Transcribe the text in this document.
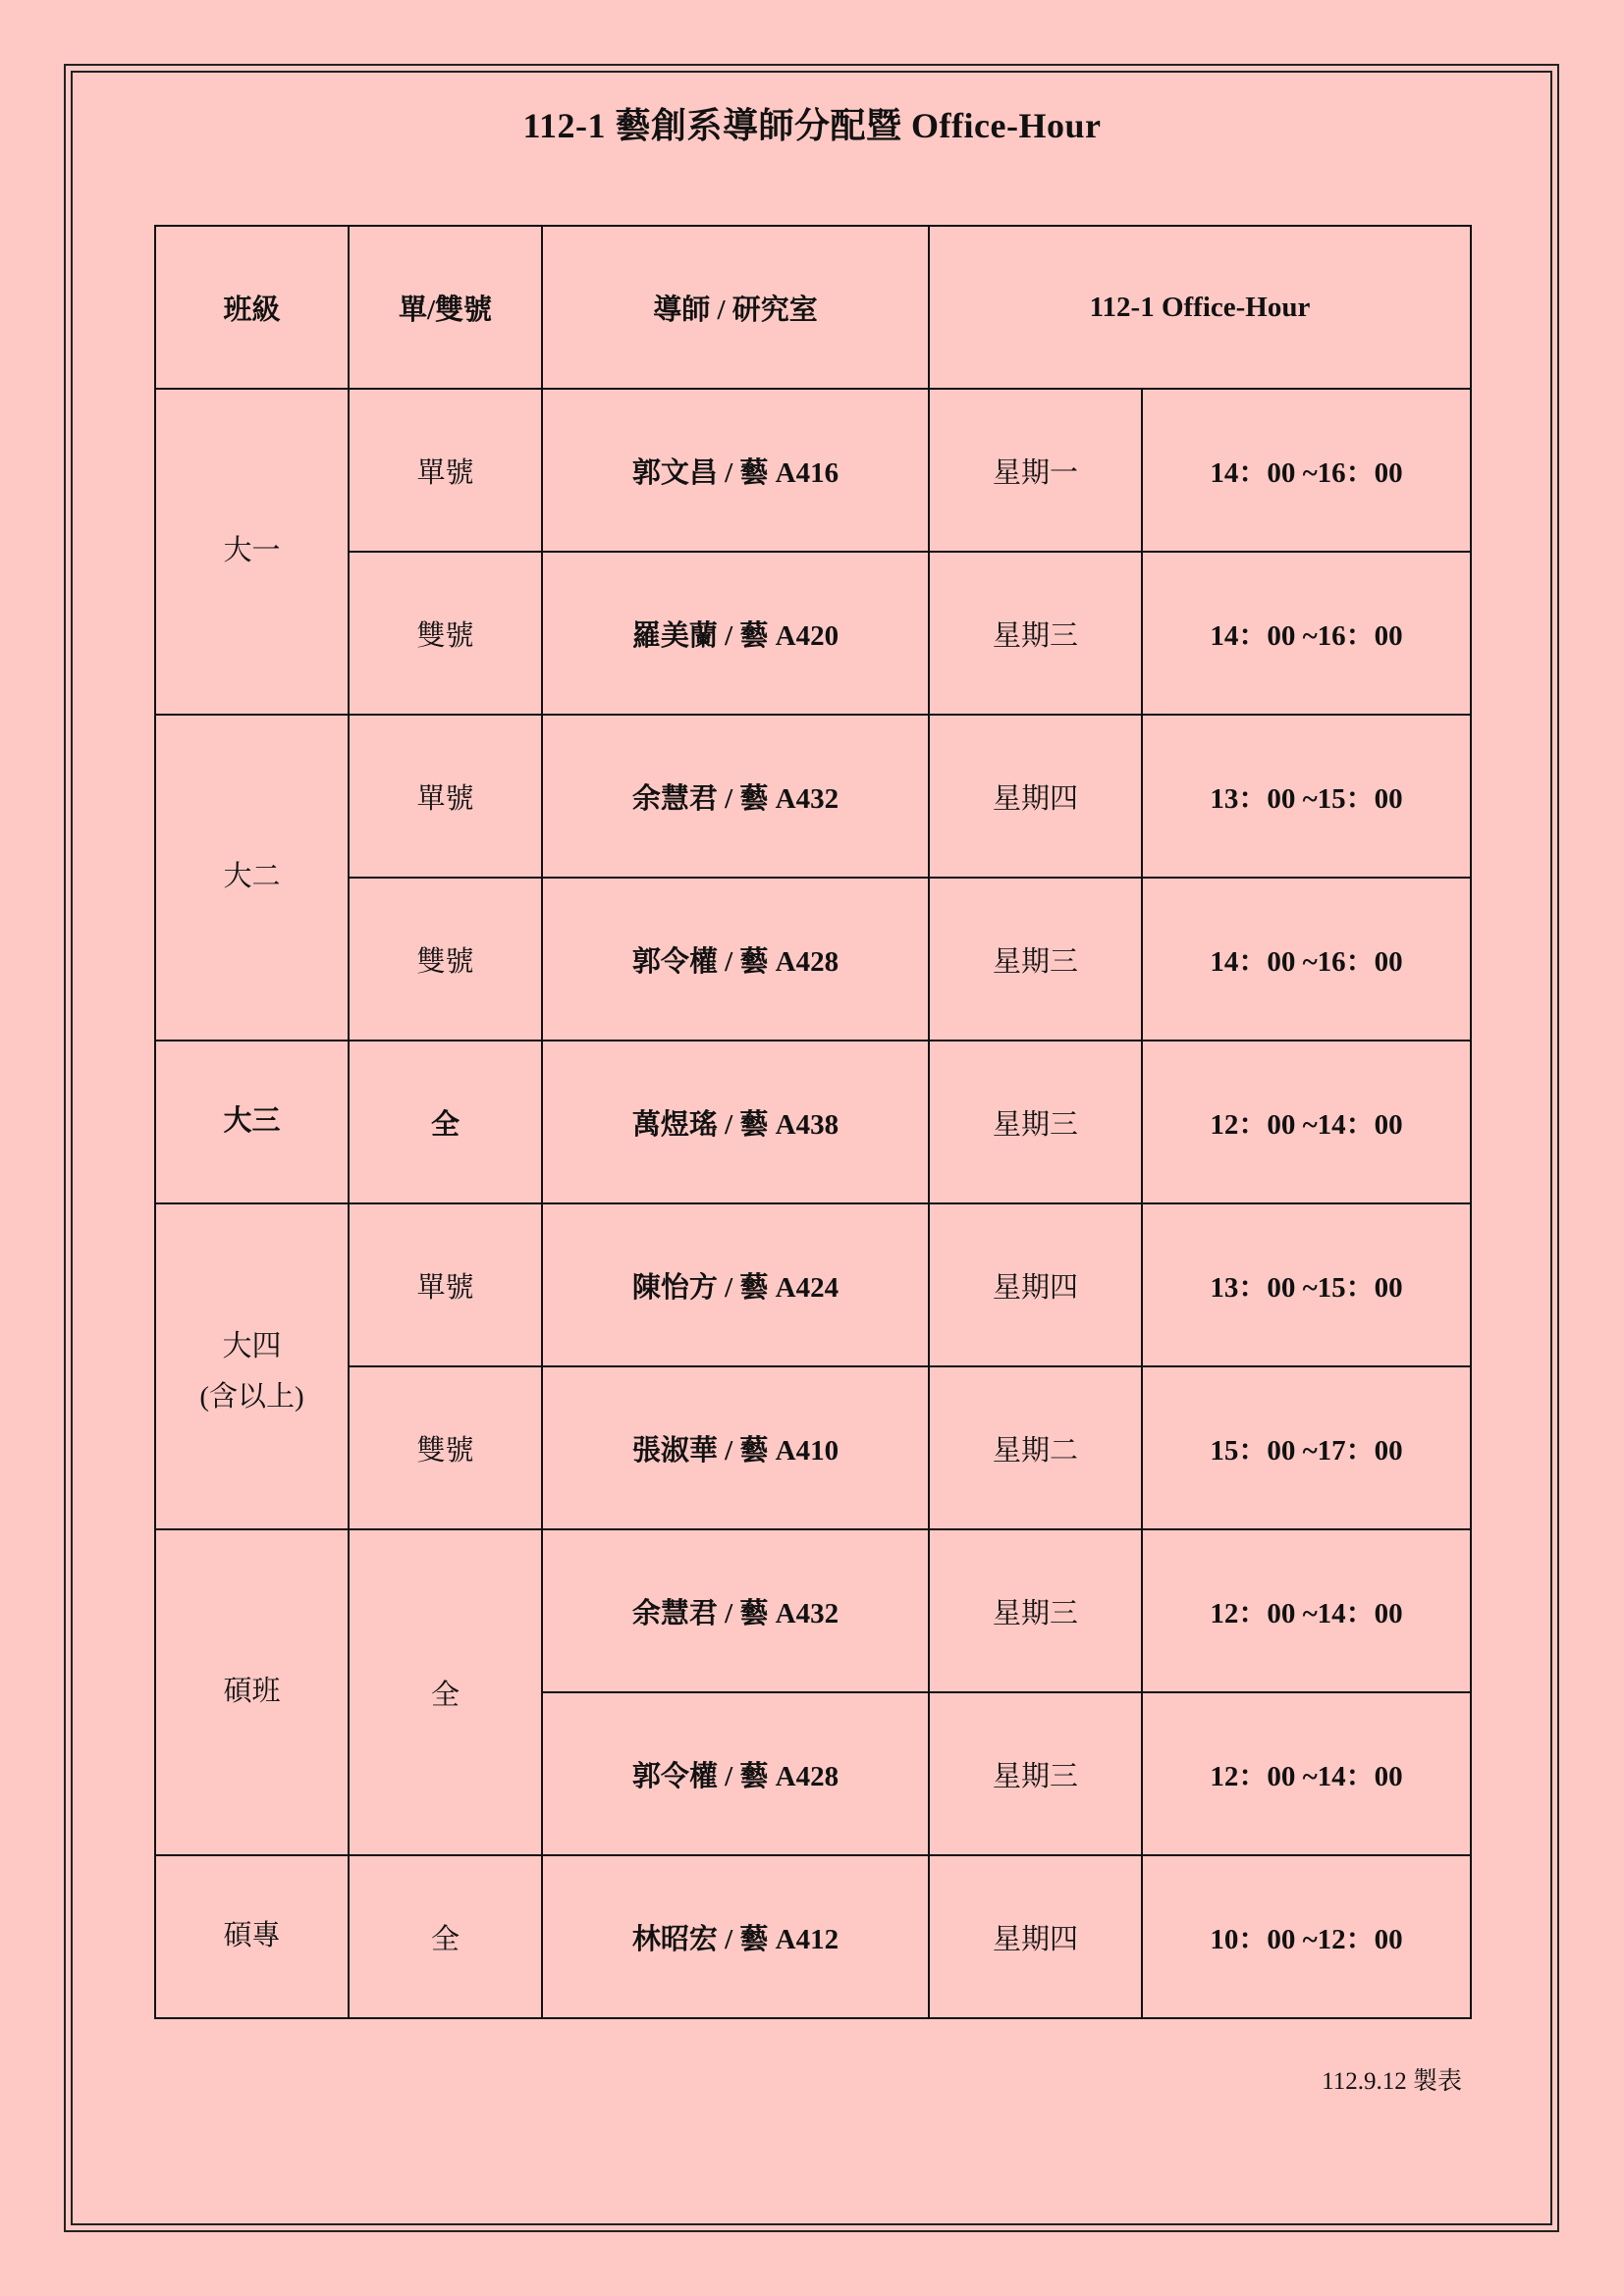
112-1 藝創系導師分配暨 Office-Hour
班級	單/雙號	導師 / 研究室	112-1 Office-Hour	
大一	單號	郭文昌 / 藝 A416	星期一	14：00 ~16：00
	雙號	羅美蘭 / 藝 A420	星期三	14：00 ~16：00
大二	單號	余慧君 / 藝 A432	星期四	13：00 ~15：00
	雙號	郭令權 / 藝 A428	星期三	14：00 ~16：00
大三	全	萬煜瑤 / 藝 A438	星期三	12：00 ~14：00

大四
(含以上)	單號	陳怡方 / 藝 A424	星期四	13：00 ~15：00
	雙號	張淑華 / 藝 A410	星期二	15：00 ~17：00
碩班	全	余慧君 / 藝 A432	星期三	12：00 ~14：00
		郭令權 / 藝 A428	星期三	12：00 ~14：00
碩專	全	林昭宏 / 藝 A412	星期四	10：00 ~12：00
112.9.12 製表
